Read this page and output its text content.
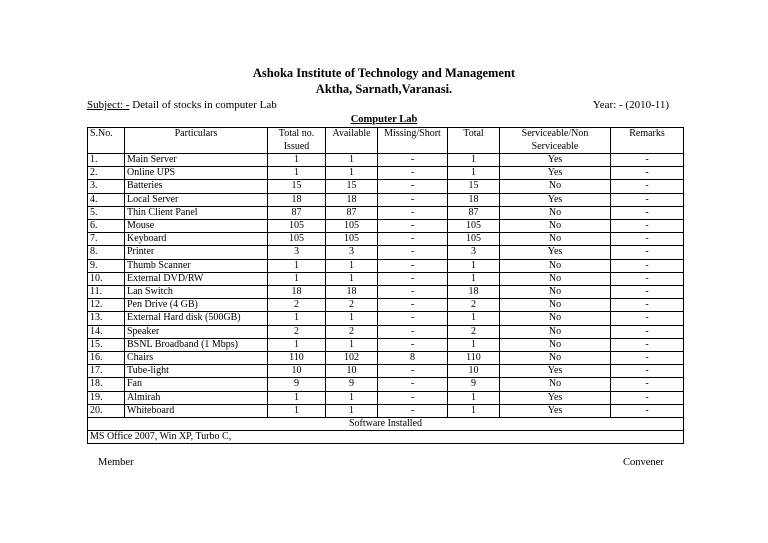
Ashoka Institute of Technology and Management
Aktha, Sarnath,Varanasi.
Subject: - Detail of stocks in computer Lab	Year: - (2010-11)
Computer Lab
S.No.	Particulars	Total no. Issued	Available	Missing/Short	Total	Serviceable/Non Serviceable	Remarks
1.	Main Server	1	1	-	1	Yes	-
2.	Online UPS	1	1	-	1	Yes	-
3.	Batteries	15	15	-	15	No	-
4.	Local Server	18	18	-	18	Yes	-
5.	Thin Client Panel	87	87	-	87	No	-
6.	Mouse	105	105	-	105	No	-
7.	Keyboard	105	105	-	105	No	-
8.	Printer	3	3	-	3	Yes	-
9.	Thumb Scanner	1	1	-	1	No	-
10.	External DVD/RW	1	1	-	1	No	-
11.	Lan Switch	18	18	-	18	No	-
12.	Pen Drive (4 GB)	2	2	-	2	No	-
13.	External Hard disk (500GB)	1	1	-	1	No	-
14.	Speaker	2	2	-	2	No	-
15.	BSNL Broadband (1 Mbps)	1	1	-	1	No	-
16.	Chairs	110	102	8	110	No	-
17.	Tube-light	10	10	-	10	Yes	-
18.	Fan	9	9	-	9	No	-
19.	Almirah	1	1	-	1	Yes	-
20.	Whiteboard	1	1	-	1	Yes	-
Software Installed							
MS Office 2007, Win XP, Turbo C,							
Member	Convener
